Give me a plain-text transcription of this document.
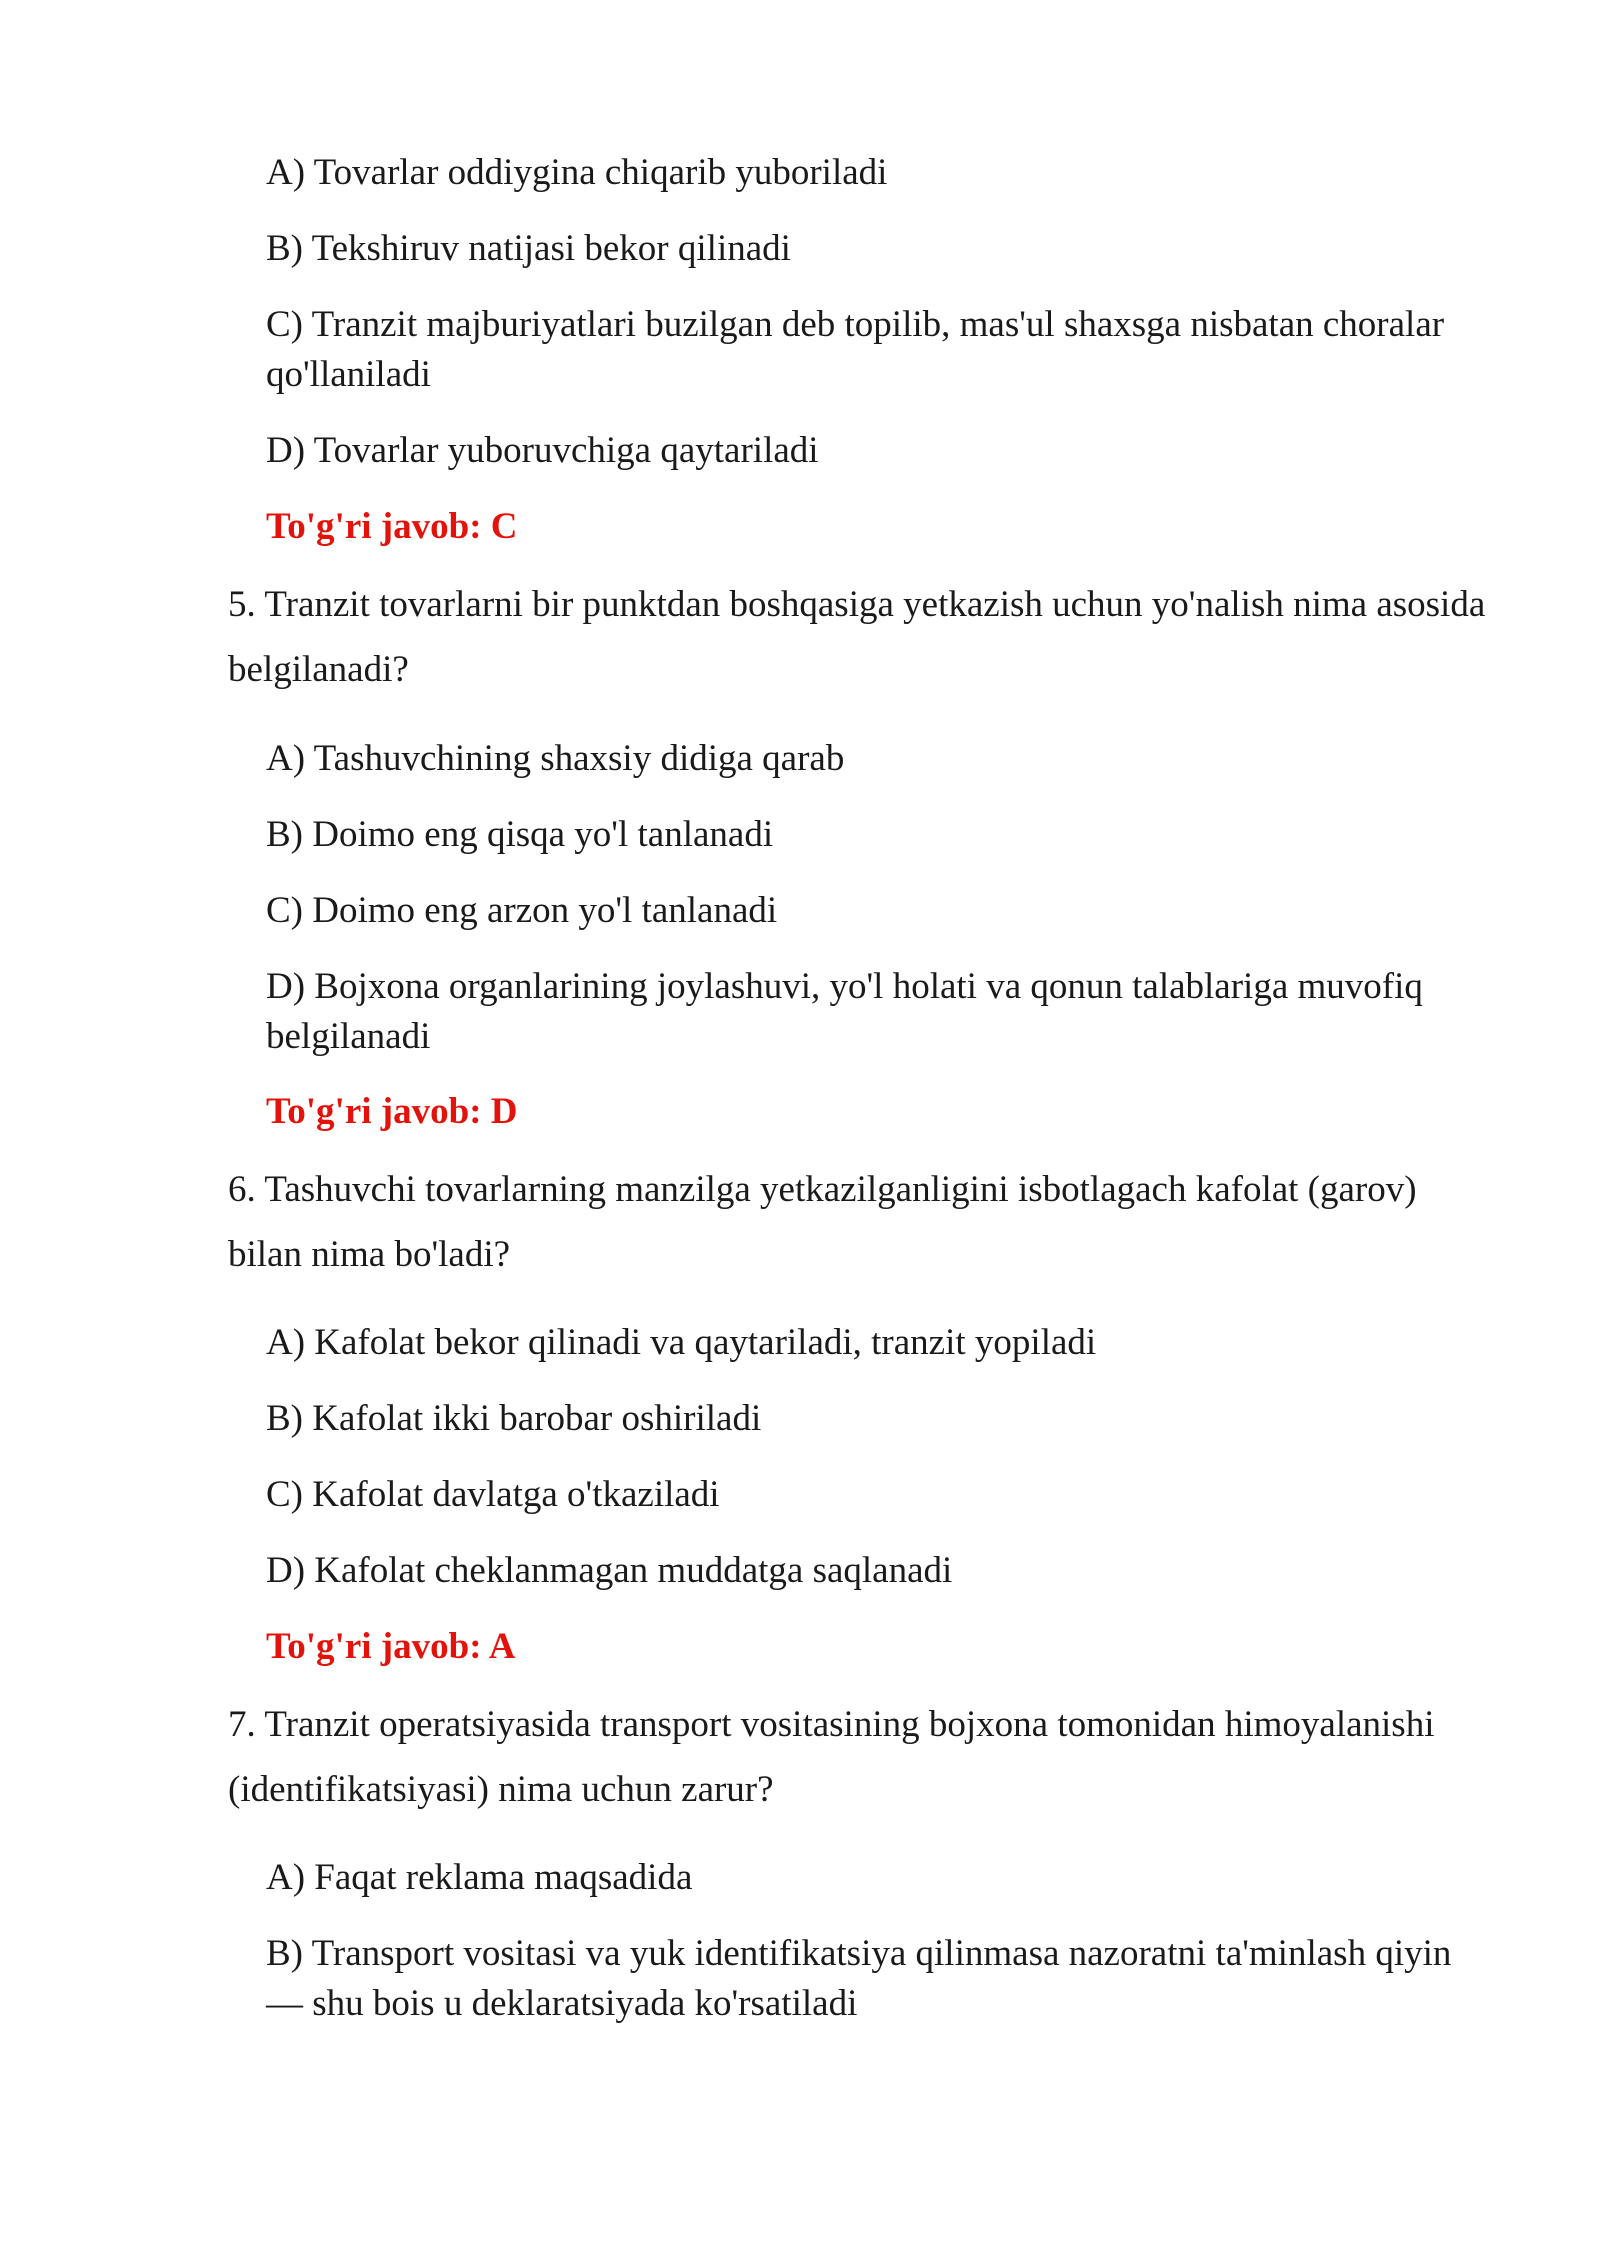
A) Tovarlar oddiygina chiqarib yuboriladi

B) Tekshiruv natijasi bekor qilinadi

C) Tranzit majburiyatlari buzilgan deb topilib, mas'ul shaxsga nisbatan choralar qo'llaniladi

D) Tovarlar yuboruvchiga qaytariladi

To'g'ri javob: C

5. Tranzit tovarlarni bir punktdan boshqasiga yetkazish uchun yo'nalish nima asosida belgilanadi?

A) Tashuvchining shaxsiy didiga qarab

B) Doimo eng qisqa yo'l tanlanadi

C) Doimo eng arzon yo'l tanlanadi

D) Bojxona organlarining joylashuvi, yo'l holati va qonun talablariga muvofiq belgilanadi

To'g'ri javob: D

6. Tashuvchi tovarlarning manzilga yetkazilganligini isbotlagach kafolat (garov) bilan nima bo'ladi?

A) Kafolat bekor qilinadi va qaytariladi, tranzit yopiladi

B) Kafolat ikki barobar oshiriladi

C) Kafolat davlatga o'tkaziladi

D) Kafolat cheklanmagan muddatga saqlanadi

To'g'ri javob: A

7. Tranzit operatsiyasida transport vositasining bojxona tomonidan himoyalanishi (identifikatsiyasi) nima uchun zarur?

A) Faqat reklama maqsadida

B) Transport vositasi va yuk identifikatsiya qilinmasa nazoratni ta'minlash qiyin — shu bois u deklaratsiyada ko'rsatiladi
